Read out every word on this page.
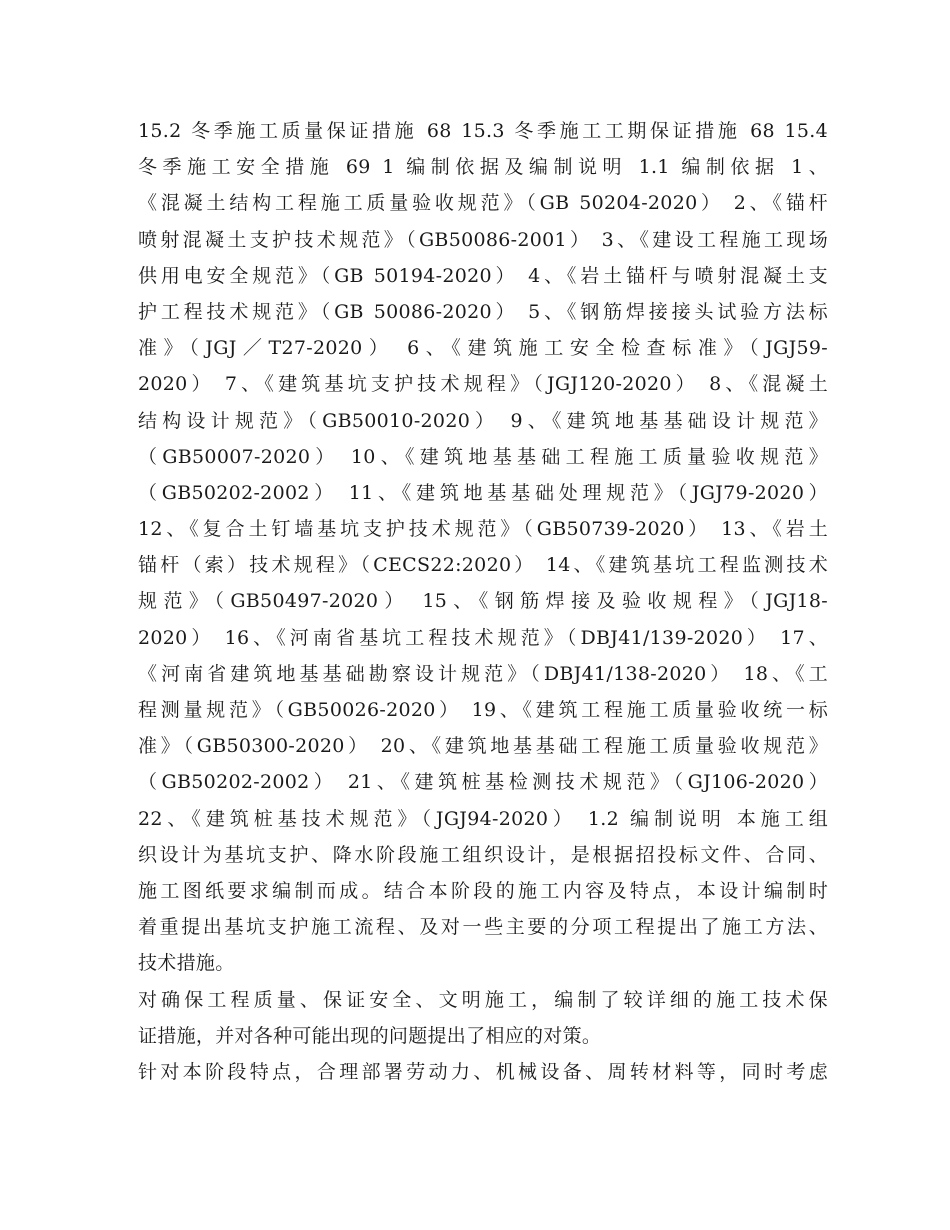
15.2 冬季施工质量保证措施 68 15.3 冬季施工工期保证措施 68 15.4
冬季施工安全措施 69 1 编制依据及编制说明 1.1 编制依据 1、
《混凝土结构工程施工质量验收规范》（GB 50204-2020） 2、《锚杆
喷射混凝土支护技术规范》（GB50086-2001） 3、《建设工程施工现场
供用电安全规范》（GB 50194-2020） 4、《岩土锚杆与喷射混凝土支
护工程技术规范》（GB 50086-2020） 5、《钢筋焊接接头试验方法标
准》（JGJ／T27-2020） 6、《建筑施工安全检查标准》（JGJ59-
2020） 7、《建筑基坑支护技术规程》（JGJ120-2020） 8、《混凝土
结构设计规范》（GB50010-2020） 9、《建筑地基基础设计规范》
（GB50007-2020） 10、《建筑地基基础工程施工质量验收规范》
（GB50202-2002） 11、《建筑地基基础处理规范》（JGJ79-2020）
12、《复合土钉墙基坑支护技术规范》（GB50739-2020） 13、《岩土
锚杆（索）技术规程》（CECS22:2020） 14、《建筑基坑工程监测技术
规范》（GB50497-2020） 15、《钢筋焊接及验收规程》（JGJ18-
2020） 16、《河南省基坑工程技术规范》（DBJ41/139-2020） 17、
《河南省建筑地基基础勘察设计规范》（DBJ41/138-2020） 18、《工
程测量规范》（GB50026-2020） 19、《建筑工程施工质量验收统一标
准》（GB50300-2020） 20、《建筑地基基础工程施工质量验收规范》
（GB50202-2002） 21、《建筑桩基检测技术规范》（GJ106-2020）
22、《建筑桩基技术规范》（JGJ94-2020） 1.2 编制说明 本施工组
织设计为基坑支护、降水阶段施工组织设计，是根据招投标文件、合同、
施工图纸要求编制而成。结合本阶段的施工内容及特点，本设计编制时
着重提出基坑支护施工流程、及对一些主要的分项工程提出了施工方法、
技术措施。
对确保工程质量、保证安全、文明施工，编制了较详细的施工技术保
证措施，并对各种可能出现的问题提出了相应的对策。
针对本阶段特点，合理部署劳动力、机械设备、周转材料等，同时考虑
